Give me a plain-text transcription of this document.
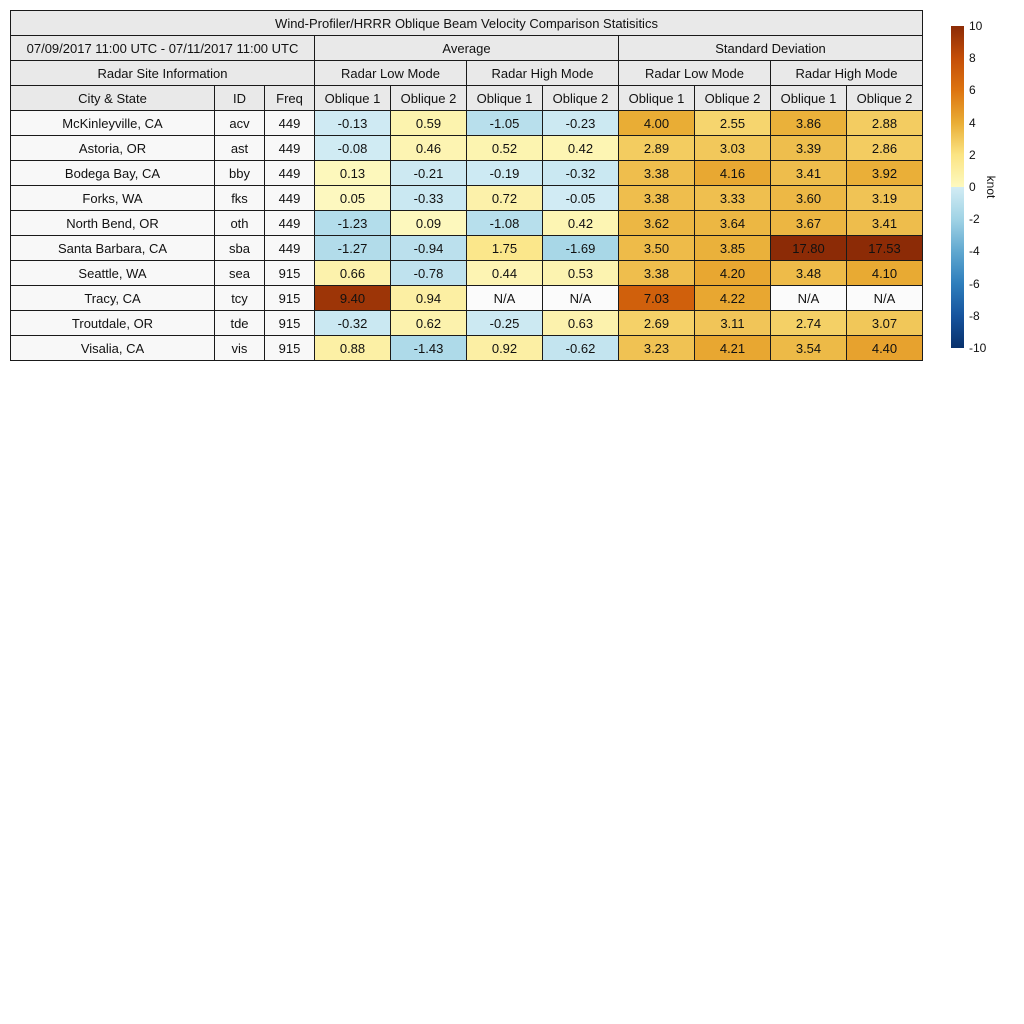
Wind-Profiler/HRRR Oblique Beam Velocity Comparison Statisitics										
07/09/2017 11:00 UTC - 07/11/2017 11:00 UTC			Average				Standard Deviation			
Radar Site Information			Radar Low Mode		Radar High Mode		Radar Low Mode		Radar High Mode	
City & State	ID	Freq	Oblique 1	Oblique 2	Oblique 1	Oblique 2	Oblique 1	Oblique 2	Oblique 1	Oblique 2
McKinleyville, CA	acv	449	-0.13	0.59	-1.05	-0.23	4.00	2.55	3.86	2.88
Astoria, OR	ast	449	-0.08	0.46	0.52	0.42	2.89	3.03	3.39	2.86
Bodega Bay, CA	bby	449	0.13	-0.21	-0.19	-0.32	3.38	4.16	3.41	3.92
Forks, WA	fks	449	0.05	-0.33	0.72	-0.05	3.38	3.33	3.60	3.19
North Bend, OR	oth	449	-1.23	0.09	-1.08	0.42	3.62	3.64	3.67	3.41
Santa Barbara, CA	sba	449	-1.27	-0.94	1.75	-1.69	3.50	3.85	17.80	17.53
Seattle, WA	sea	915	0.66	-0.78	0.44	0.53	3.38	4.20	3.48	4.10
Tracy, CA	tcy	915	9.40	0.94	N/A	N/A	7.03	4.22	N/A	N/A
Troutdale, OR	tde	915	-0.32	0.62	-0.25	0.63	2.69	3.11	2.74	3.07
Visalia, CA	vis	915	0.88	-1.43	0.92	-0.62	3.23	4.21	3.54	4.40
10
8
6
4
2
0
-2
-4
-6
-8
-10
knot
